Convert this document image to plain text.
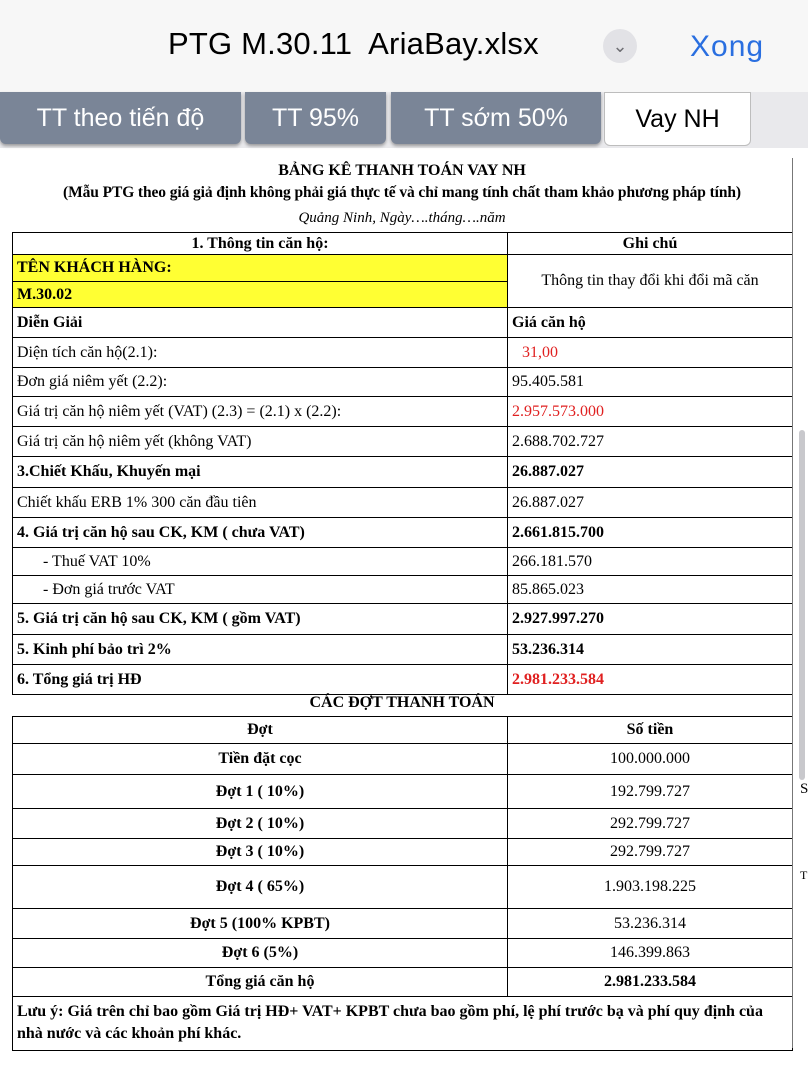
PTG M.30.11  AriaBay.xlsx	⌄	Xong
TT theo tiến độ	TT 95%	TT sớm 50%	Vay NH
BẢNG KÊ THANH TOÁN VAY NH
(Mẫu PTG theo giá giả định không phải giá thực tế và chỉ mang tính chất tham khảo phương pháp tính)
Quảng Ninh, Ngày….tháng….năm
1. Thông tin căn hộ:	Ghi chú
TÊN KHÁCH HÀNG:	Thông tin thay đổi khi đổi mã căn
M.30.02	
Diễn Giải	Giá căn hộ
Diện tích căn hộ(2.1):	31,00
Đơn giá niêm yết (2.2):	95.405.581
Giá trị căn hộ niêm yết (VAT) (2.3) = (2.1) x (2.2):	2.957.573.000
Giá trị căn hộ niêm yết (không VAT)	2.688.702.727
3.Chiết Khấu, Khuyến mại	26.887.027
Chiết khấu ERB 1% 300 căn đầu tiên	26.887.027
4. Giá trị căn hộ sau CK, KM ( chưa VAT)	2.661.815.700
- Thuế VAT 10%	266.181.570
- Đơn giá trước VAT	85.865.023
5. Giá trị căn hộ sau CK, KM ( gồm VAT)	2.927.997.270
5. Kinh phí bảo trì 2%	53.236.314
6. Tổng giá trị HĐ	2.981.233.584
CÁC ĐỢT THANH TOÁN
Đợt	Số tiền
Tiền đặt cọc	100.000.000
Đợt 1 ( 10%)	192.799.727
Đợt 2 ( 10%)	292.799.727
Đợt 3 ( 10%)	292.799.727
Đợt 4 ( 65%)	1.903.198.225
Đợt 5 (100% KPBT)	53.236.314
Đợt 6 (5%)	146.399.863
Tổng giá căn hộ	2.981.233.584
Lưu ý: Giá trên chỉ bao gồm Giá trị HĐ+ VAT+ KPBT chưa bao gồm phí, lệ phí trước bạ và phí quy định của nhà nước và các khoản phí khác.	
S
T
